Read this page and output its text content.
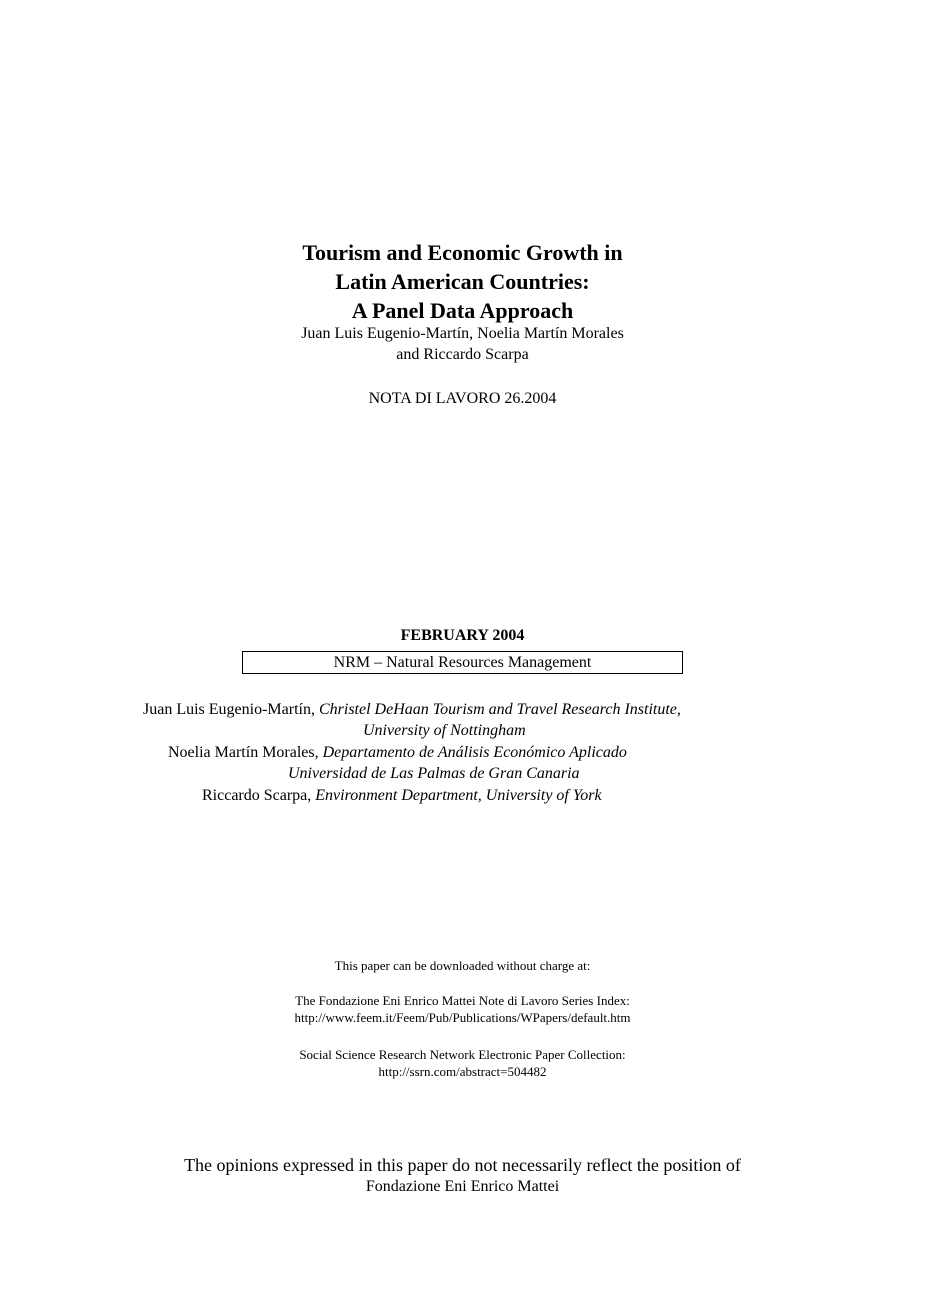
Tourism and Economic Growth in
Latin American Countries:
A Panel Data Approach
Juan Luis Eugenio-Martín, Noelia Martín Morales
and Riccardo Scarpa
NOTA DI LAVORO 26.2004
FEBRUARY 2004
NRM – Natural Resources Management
Juan Luis Eugenio-Martín, Christel DeHaan Tourism and Travel Research Institute,
University of Nottingham
Noelia Martín Morales, Departamento de Análisis Económico Aplicado
Universidad de Las Palmas de Gran Canaria
Riccardo Scarpa, Environment Department, University of York
This paper can be downloaded without charge at:
The Fondazione Eni Enrico Mattei Note di Lavoro Series Index:
http://www.feem.it/Feem/Pub/Publications/WPapers/default.htm
Social Science Research Network Electronic Paper Collection:
http://ssrn.com/abstract=504482
The opinions expressed in this paper do not necessarily reflect the position of
Fondazione Eni Enrico Mattei
